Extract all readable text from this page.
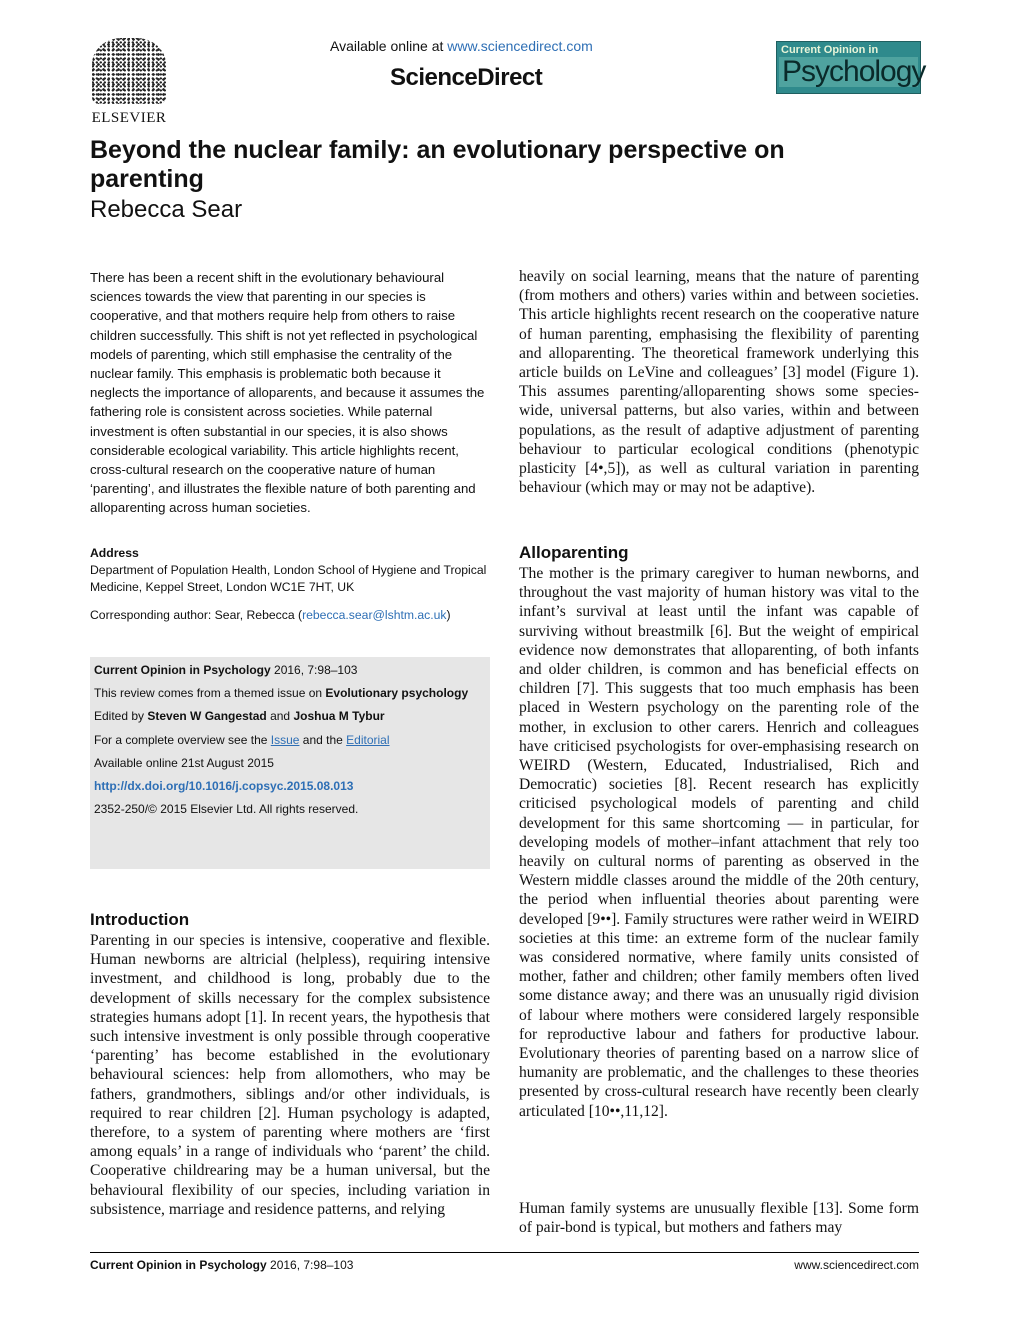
ELSEVIER
Available online at www.sciencedirect.com
ScienceDirect
Current Opinion in
Psychology
Beyond the nuclear family: an evolutionary perspective on parenting
Rebecca Sear
There has been a recent shift in the evolutionary behavioural sciences towards the view that parenting in our species is cooperative, and that mothers require help from others to raise children successfully. This shift is not yet reflected in psychological models of parenting, which still emphasise the centrality of the nuclear family. This emphasis is problematic both because it neglects the importance of alloparents, and because it assumes the fathering role is consistent across societies. While paternal investment is often substantial in our species, it is also shows considerable ecological variability. This article highlights recent, cross-cultural research on the cooperative nature of human ‘parenting’, and illustrates the flexible nature of both parenting and alloparenting across human societies.
Address
Department of Population Health, London School of Hygiene and Tropical Medicine, Keppel Street, London WC1E 7HT, UK
Corresponding author: Sear, Rebecca (rebecca.sear@lshtm.ac.uk)
Current Opinion in Psychology 2016, 7:98–103
This review comes from a themed issue on Evolutionary psychology
Edited by Steven W Gangestad and Joshua M Tybur
For a complete overview see the Issue and the Editorial
Available online 21st August 2015
http://dx.doi.org/10.1016/j.copsyc.2015.08.013
2352-250/© 2015 Elsevier Ltd. All rights reserved.
Introduction
Parenting in our species is intensive, cooperative and flexible. Human newborns are altricial (helpless), requiring intensive investment, and childhood is long, probably due to the development of skills necessary for the complex subsistence strategies humans adopt [1]. In recent years, the hypothesis that such intensive investment is only possible through cooperative ‘parenting’ has become established in the evolutionary behavioural sciences: help from allomothers, who may be fathers, grandmothers, siblings and/or other individuals, is required to rear children [2]. Human psychology is adapted, therefore, to a system of parenting where mothers are ‘first among equals’ in a range of individuals who ‘parent’ the child. Cooperative childrearing may be a human universal, but the behavioural flexibility of our species, including variation in subsistence, marriage and residence patterns, and relying
heavily on social learning, means that the nature of parenting (from mothers and others) varies within and between societies. This article highlights recent research on the cooperative nature of human parenting, emphasising the flexibility of parenting and alloparenting. The theoretical framework underlying this article builds on LeVine and colleagues’ [3] model (Figure 1). This assumes parenting/alloparenting shows some species-wide, universal patterns, but also varies, within and between populations, as the result of adaptive adjustment of parenting behaviour to particular ecological conditions (phenotypic plasticity [4•,5]), as well as cultural variation in parenting behaviour (which may or may not be adaptive).
Alloparenting
The mother is the primary caregiver to human newborns, and throughout the vast majority of human history was vital to the infant’s survival at least until the infant was capable of surviving without breastmilk [6]. But the weight of empirical evidence now demonstrates that alloparenting, of both infants and older children, is common and has beneficial effects on children [7]. This suggests that too much emphasis has been placed in Western psychology on the parenting role of the mother, in exclusion to other carers. Henrich and colleagues have criticised psychologists for over-emphasising research on WEIRD (Western, Educated, Industrialised, Rich and Democratic) societies [8]. Recent research has explicitly criticised psychological models of parenting and child development for this same shortcoming — in particular, for developing models of mother–infant attachment that rely too heavily on cultural norms of parenting as observed in the Western middle classes around the middle of the 20th century, the period when influential theories about parenting were developed [9••]. Family structures were rather weird in WEIRD societies at this time: an extreme form of the nuclear family was considered normative, where family units consisted of mother, father and children; other family members often lived some distance away; and there was an unusually rigid division of labour where mothers were considered largely responsible for reproductive labour and fathers for productive labour. Evolutionary theories of parenting based on a narrow slice of humanity are problematic, and the challenges to these theories presented by cross-cultural research have recently been clearly articulated [10••,11,12].
Human family systems are unusually flexible [13]. Some form of pair-bond is typical, but mothers and fathers may
Current Opinion in Psychology 2016, 7:98–103	www.sciencedirect.com
